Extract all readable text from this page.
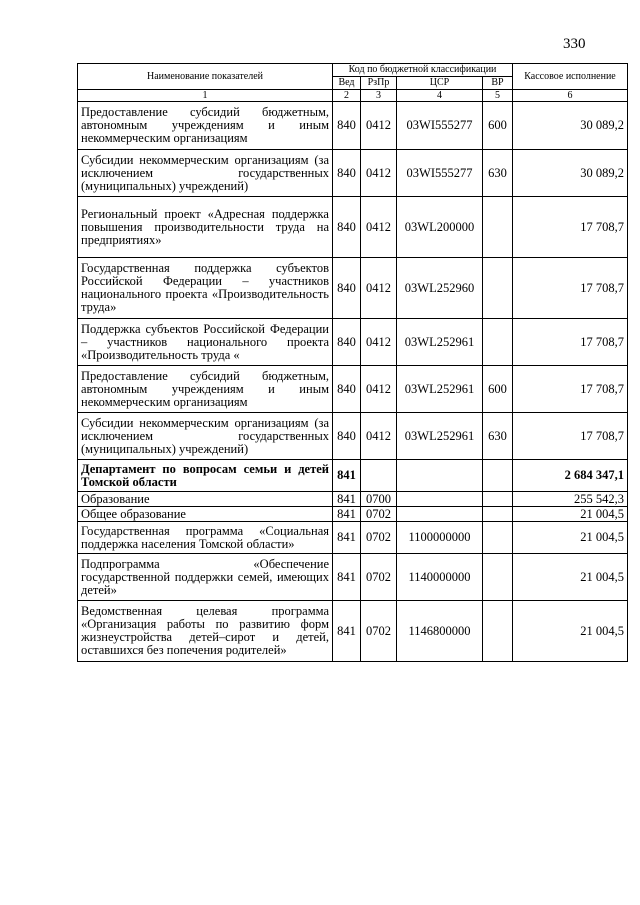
330
Наименование показателей	Код по бюджетной классификации				Кассовое исполнение
	Вед	РзПр	ЦСР	ВР	
1	2	3	4	5	6
Предоставление субсидий бюджетным, автономным учреждениям и иным некоммерческим организациям	840	0412	03WI555277	600	30 089,2
Субсидии некоммерческим организациям (за исключением государственных (муниципальных) учреждений)	840	0412	03WI555277	630	30 089,2
Региональный проект «Адресная поддержка повышения производительности труда на предприятиях»	840	0412	03WL200000		17 708,7
Государственная поддержка субъектов Российской Федерации – участников национального проекта «Производительность труда»	840	0412	03WL252960		17 708,7
Поддержка субъектов Российской Федерации – участников национального проекта «Производительность труда «	840	0412	03WL252961		17 708,7
Предоставление субсидий бюджетным, автономным учреждениям и иным некоммерческим организациям	840	0412	03WL252961	600	17 708,7
Субсидии некоммерческим организациям (за исключением государственных (муниципальных) учреждений)	840	0412	03WL252961	630	17 708,7
Департамент по вопросам семьи и детей Томской области	841				2 684 347,1
Образование	841	0700			255 542,3
Общее образование	841	0702			21 004,5
Государственная программа «Социальная поддержка населения Томской области»	841	0702	1100000000		21 004,5
Подпрограмма «Обеспечение государственной поддержки семей, имеющих детей»	841	0702	1140000000		21 004,5
Ведомственная целевая программа «Организация работы по развитию форм жизнеустройства детей–сирот и детей, оставшихся без попечения родителей»	841	0702	1146800000		21 004,5
